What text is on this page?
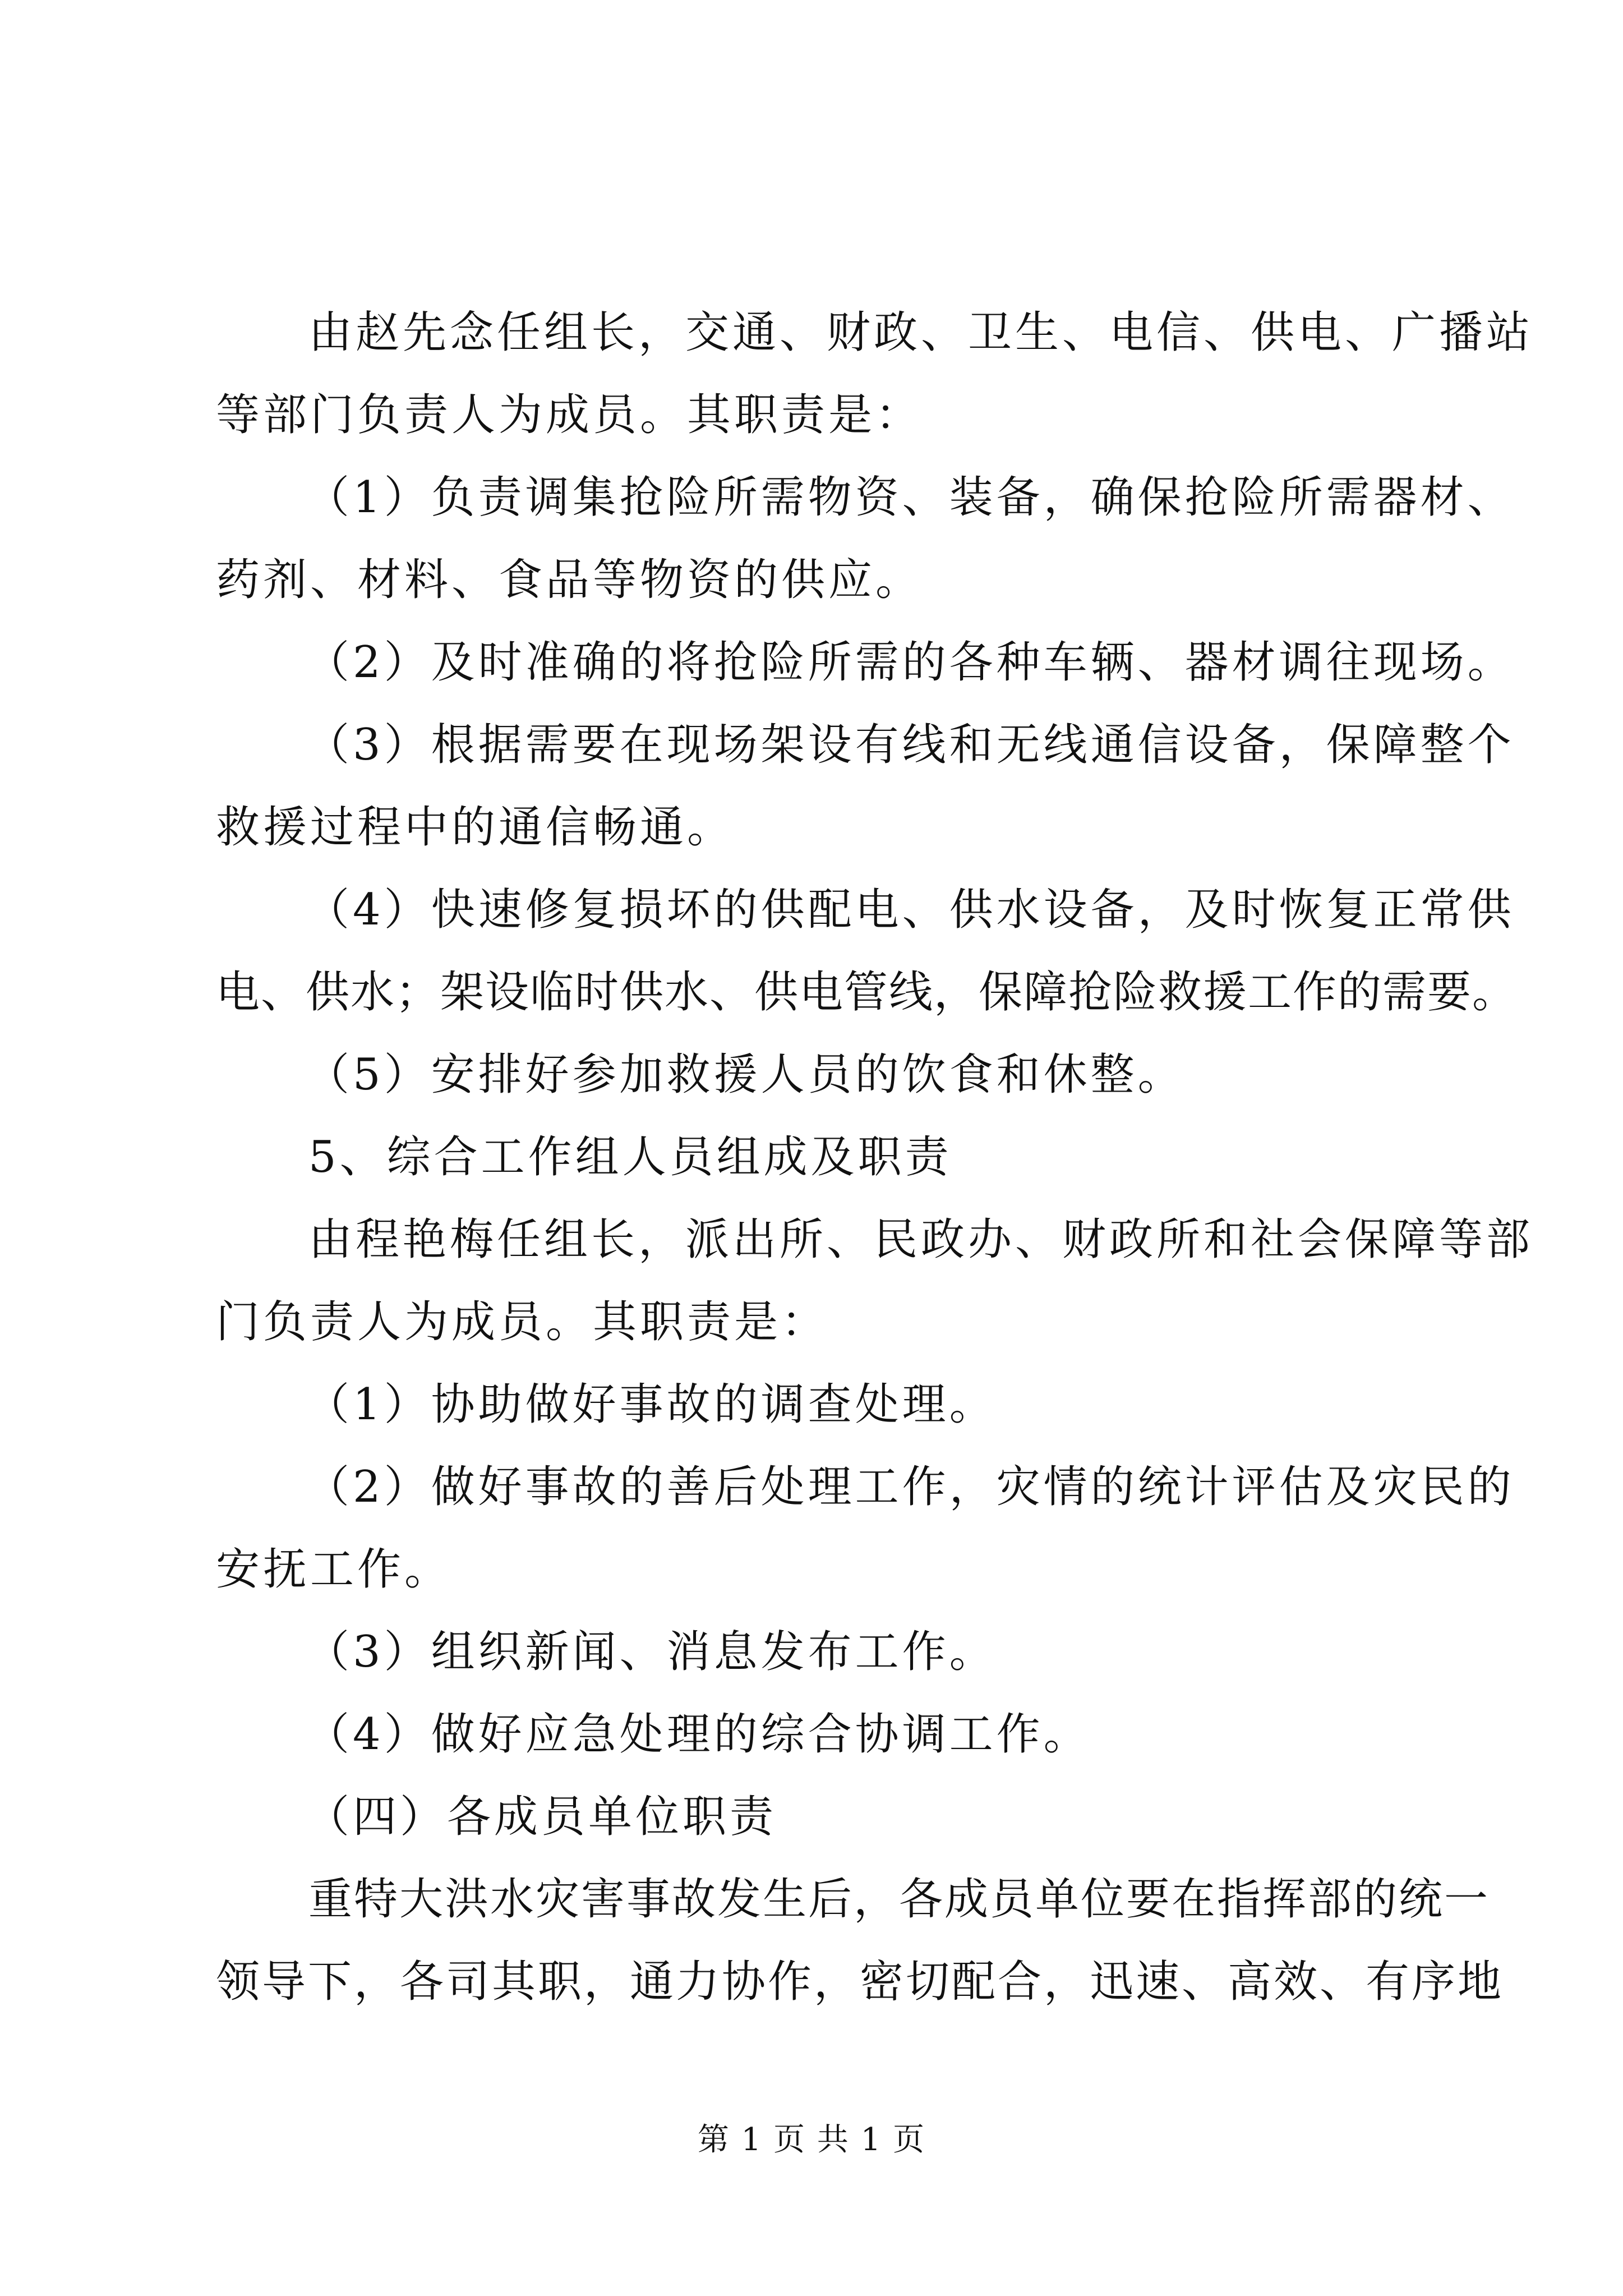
由赵先念任组长，交通、财政、卫生、电信、供电、广播站

等部门负责人为成员。其职责是：

（1）负责调集抢险所需物资、装备，确保抢险所需器材、

药剂、材料、食品等物资的供应。

（2）及时准确的将抢险所需的各种车辆、器材调往现场。

（3）根据需要在现场架设有线和无线通信设备，保障整个

救援过程中的通信畅通。

（4）快速修复损坏的供配电、供水设备，及时恢复正常供

电、供水；架设临时供水、供电管线，保障抢险救援工作的需要。

（5）安排好参加救援人员的饮食和休整。

5、综合工作组人员组成及职责

由程艳梅任组长，派出所、民政办、财政所和社会保障等部

门负责人为成员。其职责是：

（1）协助做好事故的调查处理。

（2）做好事故的善后处理工作，灾情的统计评估及灾民的

安抚工作。

（3）组织新闻、消息发布工作。

（4）做好应急处理的综合协调工作。

（四）各成员单位职责

重特大洪水灾害事故发生后，各成员单位要在指挥部的统一

领导下，各司其职，通力协作，密切配合，迅速、高效、有序地

第 1 页 共 1 页
